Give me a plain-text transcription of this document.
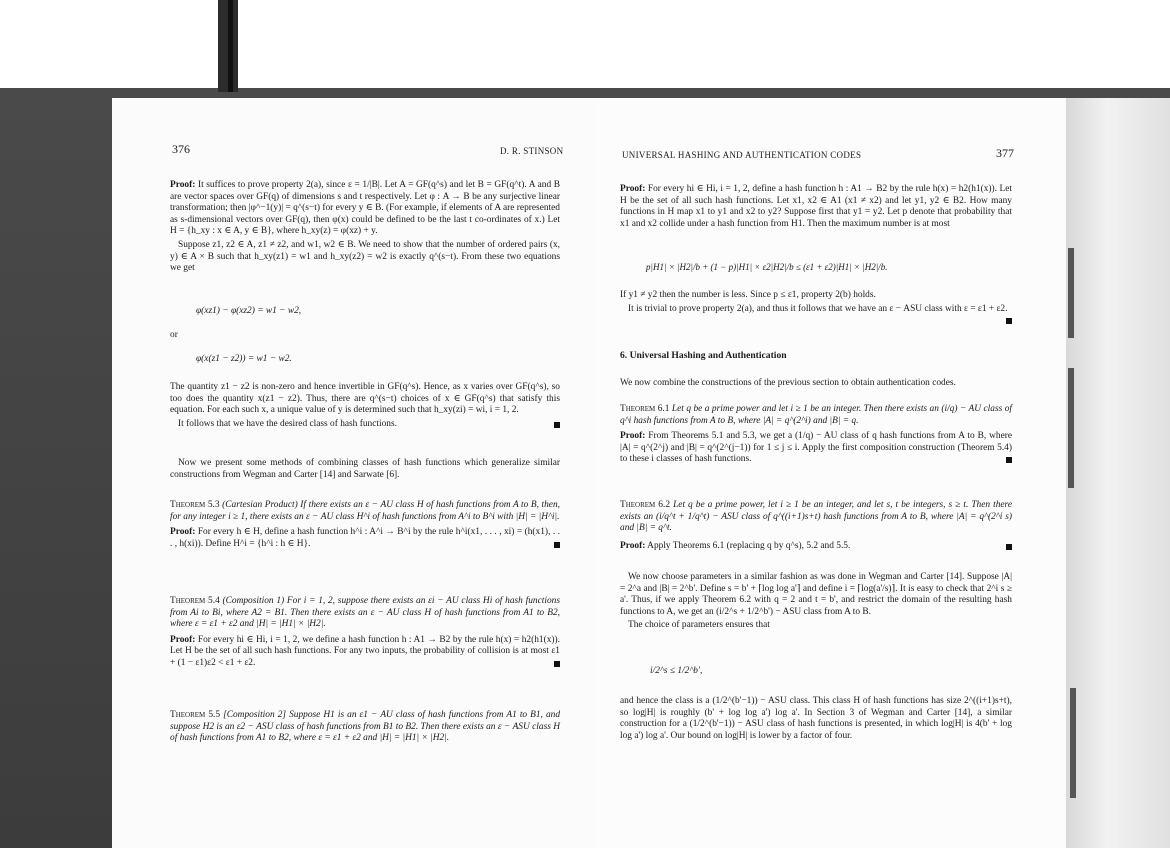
376	D. R. STINSON

Proof: It suffices to prove property 2(a), since ε = 1/|B|. Let A = GF(q^s) and let B = GF(q^t). A and B are vector spaces over GF(q) of dimensions s and t respectively. Let φ : A → B be any surjective linear transformation; then |φ^−1(y)| = q^(s−t) for every y ∈ B. (For example, if elements of A are represented as s-dimensional vectors over GF(q), then φ(x) could be defined to be the last t co-ordinates of x.) Let H = {h_xy : x ∈ A, y ∈ B}, where h_xy(z) = φ(xz) + y.

Suppose z1, z2 ∈ A, z1 ≠ z2, and w1, w2 ∈ B. We need to show that the number of ordered pairs (x, y) ∈ A × B such that h_xy(z1) = w1 and h_xy(z2) = w2 is exactly q^(s−t). From these two equations we get

φ(xz1) − φ(xz2) = w1 − w2,
or
φ(x(z1 − z2)) = w1 − w2.

The quantity z1 − z2 is non-zero and hence invertible in GF(q^s). Hence, as x varies over GF(q^s), so too does the quantity x(z1 − z2). Thus, there are q^(s−t) choices of x ∈ GF(q^s) that satisfy this equation. For each such x, a unique value of y is determined such that h_xy(zi) = wi, i = 1, 2.

It follows that we have the desired class of hash functions.

Now we present some methods of combining classes of hash functions which generalize similar constructions from Wegman and Carter [14] and Sarwate [6].

Theorem 5.3 (Cartesian Product) If there exists an ε − AU class H of hash functions from A to B, then, for any integer i ≥ 1, there exists an ε − AU class H^i of hash functions from A^i to B^i with |H| = |H^i|.

Proof: For every h ∈ H, define a hash function h^i : A^i → B^i by the rule h^i(x1, . . . , xi) = (h(x1), . . . , h(xi)). Define H^i = {h^i : h ∈ H}.

Theorem 5.4 (Composition 1) For i = 1, 2, suppose there exists an εi − AU class Hi of hash functions from Ai to Bi, where A2 = B1. Then there exists an ε − AU class H of hash functions from A1 to B2, where ε = ε1 + ε2 and |H| = |H1| × |H2|.

Proof: For every hi ∈ Hi, i = 1, 2, we define a hash function h : A1 → B2 by the rule h(x) = h2(h1(x)). Let H be the set of all such hash functions. For any two inputs, the probability of collision is at most ε1 + (1 − ε1)ε2 < ε1 + ε2.

Theorem 5.5 [Composition 2] Suppose H1 is an ε1 − AU class of hash functions from A1 to B1, and suppose H2 is an ε2 − ASU class of hash functions from B1 to B2. Then there exists an ε − ASU class H of hash functions from A1 to B2, where ε = ε1 + ε2 and |H| = |H1| × |H2|.

UNIVERSAL HASHING AND AUTHENTICATION CODES	377

Proof: For every hi ∈ Hi, i = 1, 2, define a hash function h : A1 → B2 by the rule h(x) = h2(h1(x)). Let H be the set of all such hash functions. Let x1, x2 ∈ A1 (x1 ≠ x2) and let y1, y2 ∈ B2. How many functions in H map x1 to y1 and x2 to y2? Suppose first that y1 = y2. Let p denote that probability that x1 and x2 collide under a hash function from H1. Then the maximum number is at most

p|H1| × |H2|/b + (1 − p)|H1| × ε2|H2|/b ≤ (ε1 + ε2)|H1| × |H2|/b.

If y1 ≠ y2 then the number is less. Since p ≤ ε1, property 2(b) holds.

It is trivial to prove property 2(a), and thus it follows that we have an ε − ASU class with ε = ε1 + ε2.

6. Universal Hashing and Authentication
We now combine the constructions of the previous section to obtain authentication codes.

Theorem 6.1 Let q be a prime power and let i ≥ 1 be an integer. Then there exists an (i/q) − AU class of q^i hash functions from A to B, where |A| = q^(2^i) and |B| = q.

Proof: From Theorems 5.1 and 5.3, we get a (1/q) − AU class of q hash functions from A to B, where |A| = q^(2^j) and |B| = q^(2^(j−1)) for 1 ≤ j ≤ i. Apply the first composition construction (Theorem 5.4) to these i classes of hash functions.

Theorem 6.2 Let q be a prime power, let i ≥ 1 be an integer, and let s, t be integers, s ≥ t. Then there exists an (i/q^t + 1/q^t) − ASU class of q^((i+1)s+t) hash functions from A to B, where |A| = q^(2^i s) and |B| = q^t.

Proof: Apply Theorems 6.1 (replacing q by q^s), 5.2 and 5.5.

We now choose parameters in a similar fashion as was done in Wegman and Carter [14]. Suppose |A| = 2^a and |B| = 2^b'. Define s = b' + ⌈log log a'⌉ and define i = ⌈log(a'/s)⌉. It is easy to check that 2^i s ≥ a'. Thus, if we apply Theorem 6.2 with q = 2 and t = b', and restrict the domain of the resulting hash functions to A, we get an (i/2^s + 1/2^b') − ASU class from A to B.

The choice of parameters ensures that

i/2^s ≤ 1/2^b',

and hence the class is a (1/2^(b'−1)) − ASU class. This class H of hash functions has size 2^((i+1)s+t), so log|H| is roughly (b' + log log a') log a'. In Section 3 of Wegman and Carter [14], a similar construction for a (1/2^(b'−1)) − ASU class of hash functions is presented, in which log|H| is 4(b' + log log a') log a'. Our bound on log|H| is lower by a factor of four.
